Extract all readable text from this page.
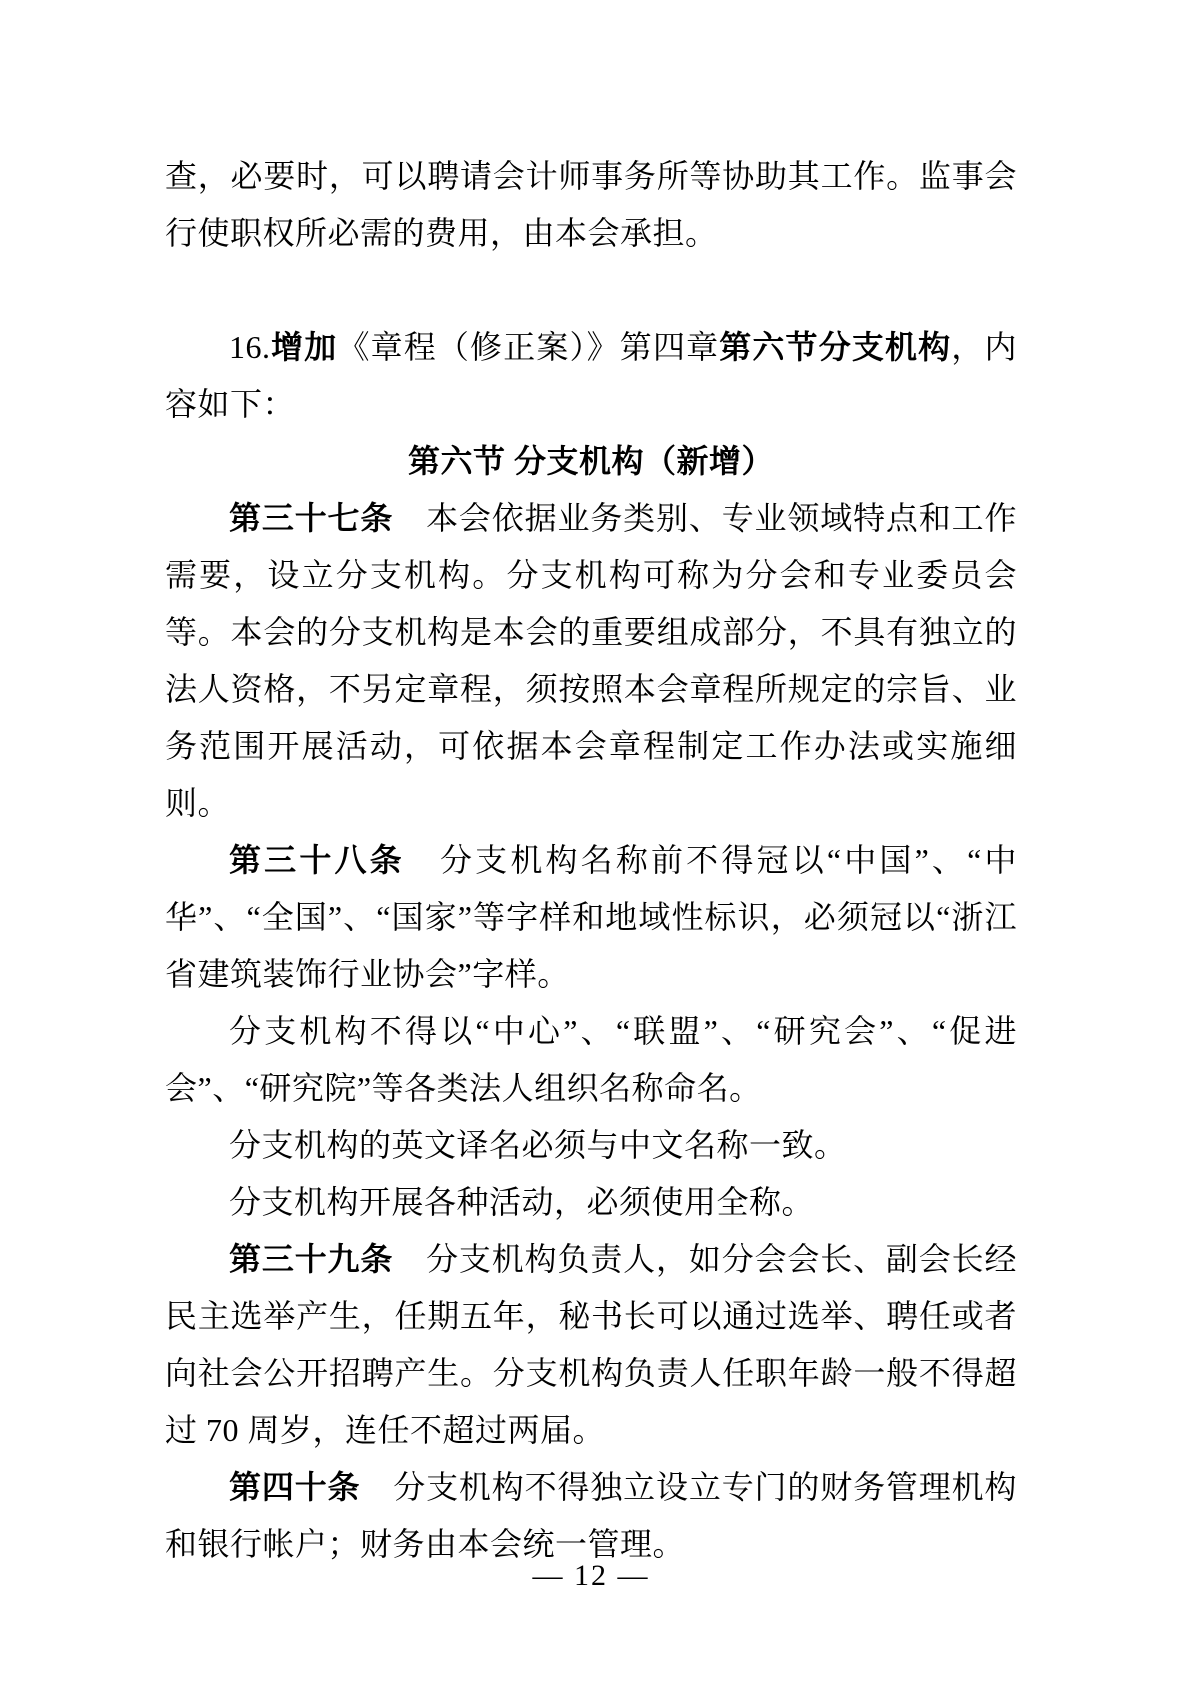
查，必要时，可以聘请会计师事务所等协助其工作。监事会行使职权所必需的费用，由本会承担。

16.增加《章程（修正案）》第四章第六节分支机构，内容如下：

第六节 分支机构（新增）

第三十七条　本会依据业务类别、专业领域特点和工作需要，设立分支机构。分支机构可称为分会和专业委员会等。本会的分支机构是本会的重要组成部分，不具有独立的法人资格，不另定章程，须按照本会章程所规定的宗旨、业务范围开展活动，可依据本会章程制定工作办法或实施细则。

第三十八条　分支机构名称前不得冠以“中国”、“中华”、“全国”、“国家”等字样和地域性标识，必须冠以“浙江省建筑装饰行业协会”字样。

分支机构不得以“中心”、“联盟”、“研究会”、“促进会”、“研究院”等各类法人组织名称命名。

分支机构的英文译名必须与中文名称一致。

分支机构开展各种活动，必须使用全称。

第三十九条　分支机构负责人，如分会会长、副会长经民主选举产生，任期五年，秘书长可以通过选举、聘任或者向社会公开招聘产生。分支机构负责人任职年龄一般不得超过 70 周岁，连任不超过两届。

第四十条　分支机构不得独立设立专门的财务管理机构和银行帐户；财务由本会统一管理。

— 12 —
